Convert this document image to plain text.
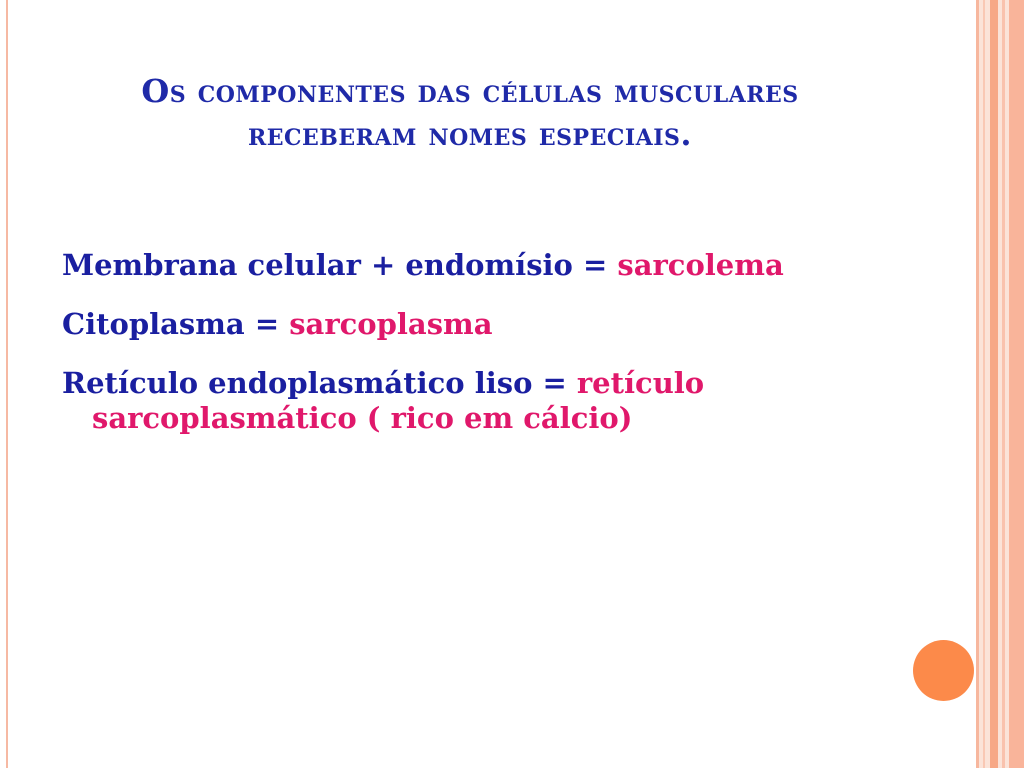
Os componentes das células musculares receberam nomes especiais.

Membrana celular + endomísio = sarcolema

Citoplasma = sarcoplasma

Retículo endoplasmático liso = retículo sarcoplasmático ( rico em cálcio)
